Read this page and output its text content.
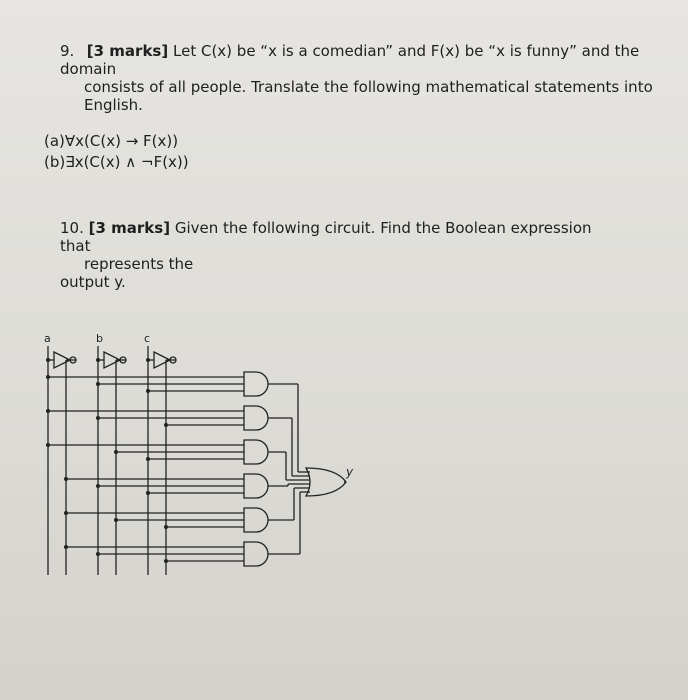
9. [3 marks] Let C(x) be “x is a comedian” and F(x) be “x is funny” and the domain
consists of all people. Translate the following mathematical statements into
English.
(a)∀x(C(x) → F(x))
(b)∃x(C(x) ∧ ¬F(x))
10. [3 marks] Given the following circuit. Find the Boolean expression that
represents the
output y.
a	b	c
y
